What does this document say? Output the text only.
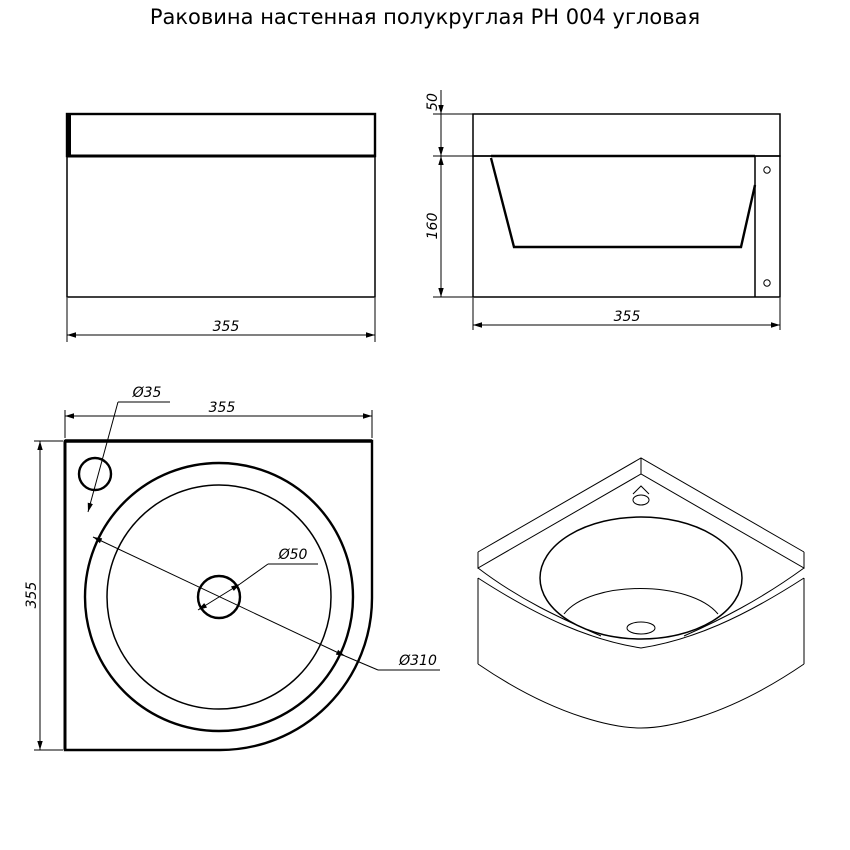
Раковина настенная полукруглая РН 004 угловая
355
50
160
355
Ø35
Ø310
Ø50
355
355
